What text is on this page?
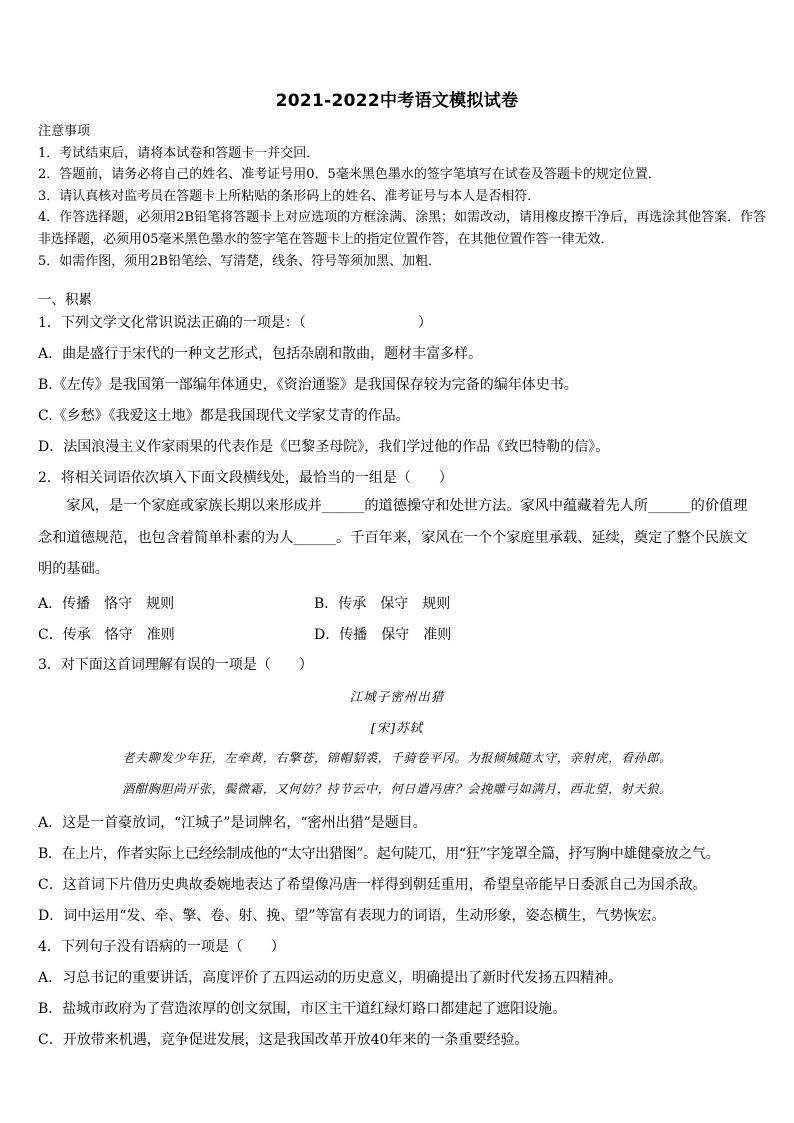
2021-2022中考语文模拟试卷
注意事项
1．考试结束后，请将本试卷和答题卡一并交回．
2．答题前，请务必将自己的姓名、准考证号用0．5毫米黑色墨水的签字笔填写在试卷及答题卡的规定位置．
3．请认真核对监考员在答题卡上所粘贴的条形码上的姓名、准考证号与本人是否相符．
4．作答选择题，必须用2B铅笔将答题卡上对应选项的方框涂满、涂黑；如需改动，请用橡皮擦干净后，再选涂其他答案．作答非选择题，必须用05毫米黑色墨水的签字笔在答题卡上的指定位置作答，在其他位置作答一律无效．
5．如需作图，须用2B铅笔绘、写清楚，线条、符号等须加黑、加粗．
一、积累
1．下列文学文化常识说法正确的一项是：（　　　　　　　　）
A．曲是盛行于宋代的一种文艺形式，包括杂剧和散曲，题材丰富多样。
B.《左传》是我国第一部编年体通史，《资治通鉴》是我国保存较为完备的编年体史书。
C.《乡愁》《我爱这土地》都是我国现代文学家艾青的作品。
D．法国浪漫主义作家雨果的代表作是《巴黎圣母院》，我们学过他的作品《致巴特勒的信》。
2．将相关词语依次填入下面文段横线处，最恰当的一组是（　　）
家风，是一个家庭或家族长期以来形成并______的道德操守和处世方法。家风中蕴藏着先人所______的价值理念和道德规范，也包含着简单朴素的为人______。千百年来，家风在一个个家庭里承载、延续，奠定了整个民族文明的基础。
A．传播　恪守　规则	B．传承　保守　规则
C．传承　恪守　准则	D．传播　保守　准则
3．对下面这首词理解有误的一项是（　　）
江城子密州出猎
[宋]苏轼
老夫聊发少年狂，左牵黄，右擎苍，锦帽貂裘，千骑卷平冈。为报倾城随太守，亲射虎，看孙郎。
酒酣胸胆尚开张，鬓微霜，又何妨？持节云中，何日遣冯唐？会挽雕弓如满月，西北望，射天狼。
A．这是一首豪放词，“江城子”是词牌名，“密州出猎”是题目。
B．在上片，作者实际上已经绘制成他的“太守出猎图”。起句陡兀，用“狂”字笼罩全篇，抒写胸中雄健豪放之气。
C．这首词下片借历史典故委婉地表达了希望像冯唐一样得到朝廷重用，希望皇帝能早日委派自己为国杀敌。
D．词中运用“发、牵、擎、卷、射、挽、望”等富有表现力的词语，生动形象，姿态横生，气势恢宏。
4．下列句子没有语病的一项是（　　）
A．习总书记的重要讲话，高度评价了五四运动的历史意义，明确提出了新时代发扬五四精神。
B．盐城市政府为了营造浓厚的创文氛围，市区主干道红绿灯路口都建起了遮阳设施。
C．开放带来机遇，竞争促进发展，这是我国改革开放40年来的一条重要经验。
